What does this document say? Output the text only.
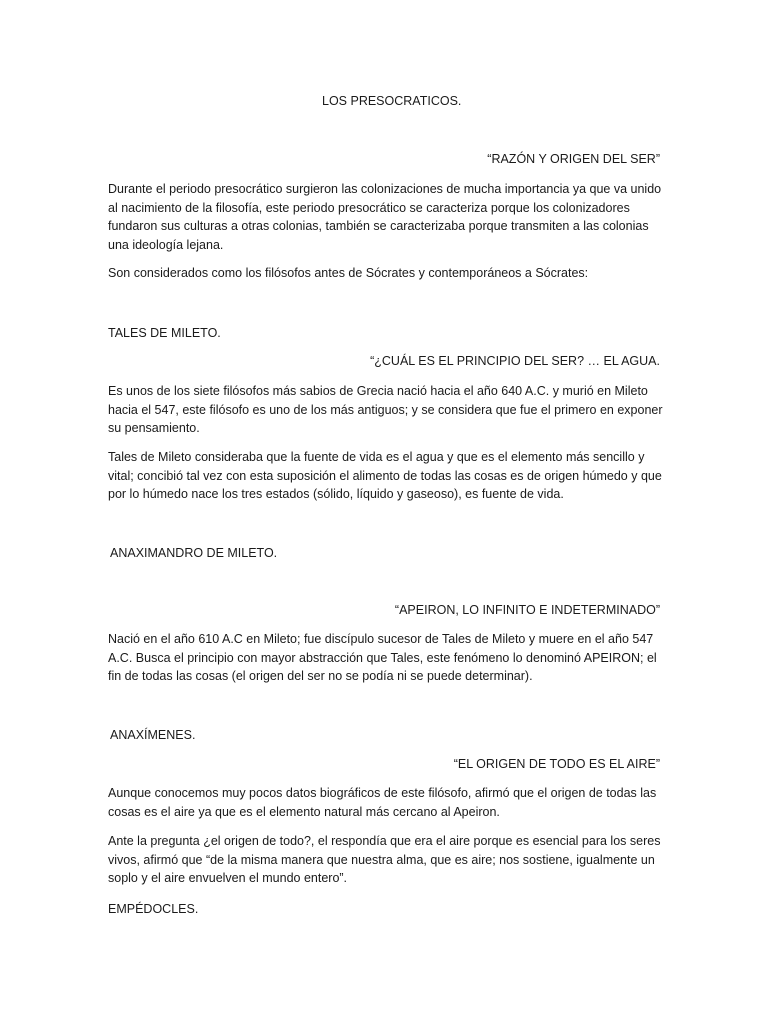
LOS PRESOCRATICOS.

“RAZÓN Y ORIGEN DEL SER”

Durante el periodo presocrático surgieron las colonizaciones de mucha importancia ya que va unido al nacimiento de la filosofía, este periodo presocrático se caracteriza porque los colonizadores fundaron sus culturas a otras colonias, también se caracterizaba porque transmiten a las colonias una ideología lejana.

Son considerados como los filósofos antes de Sócrates y contemporáneos a Sócrates:

TALES DE MILETO.

“¿CUÁL ES EL PRINCIPIO DEL SER? … EL AGUA.

Es unos de los siete filósofos más sabios de Grecia nació hacia el año 640 A.C. y murió en Mileto hacia el 547, este filósofo es uno de los más antiguos; y se considera que fue el primero en exponer su pensamiento.

Tales de Mileto consideraba que la fuente de vida es el agua y que es el elemento más sencillo y vital; concibió tal vez con esta suposición el alimento de todas las cosas es de origen húmedo y que por lo húmedo nace los tres estados (sólido, líquido y gaseoso), es fuente de vida.

ANAXIMANDRO DE MILETO.

“APEIRON, LO INFINITO E INDETERMINADO”

Nació en el año 610 A.C en Mileto; fue discípulo sucesor de Tales de Mileto y muere en el año 547 A.C. Busca el principio con mayor abstracción que Tales, este fenómeno lo denominó APEIRON; el fin de todas las cosas (el origen del ser no se podía ni se puede determinar).

ANAXÍMENES.

“EL ORIGEN DE TODO ES EL AIRE”

Aunque conocemos muy pocos datos biográficos de este filósofo, afirmó que el origen de todas las cosas es el aire ya que es el elemento natural más cercano al Apeiron.

Ante la pregunta ¿el origen de todo?, el respondía que era el aire porque es esencial para los seres vivos, afirmó que “de la misma manera que nuestra alma, que es aire; nos sostiene, igualmente un soplo y el aire envuelven el mundo entero”.

EMPÉDOCLES.
